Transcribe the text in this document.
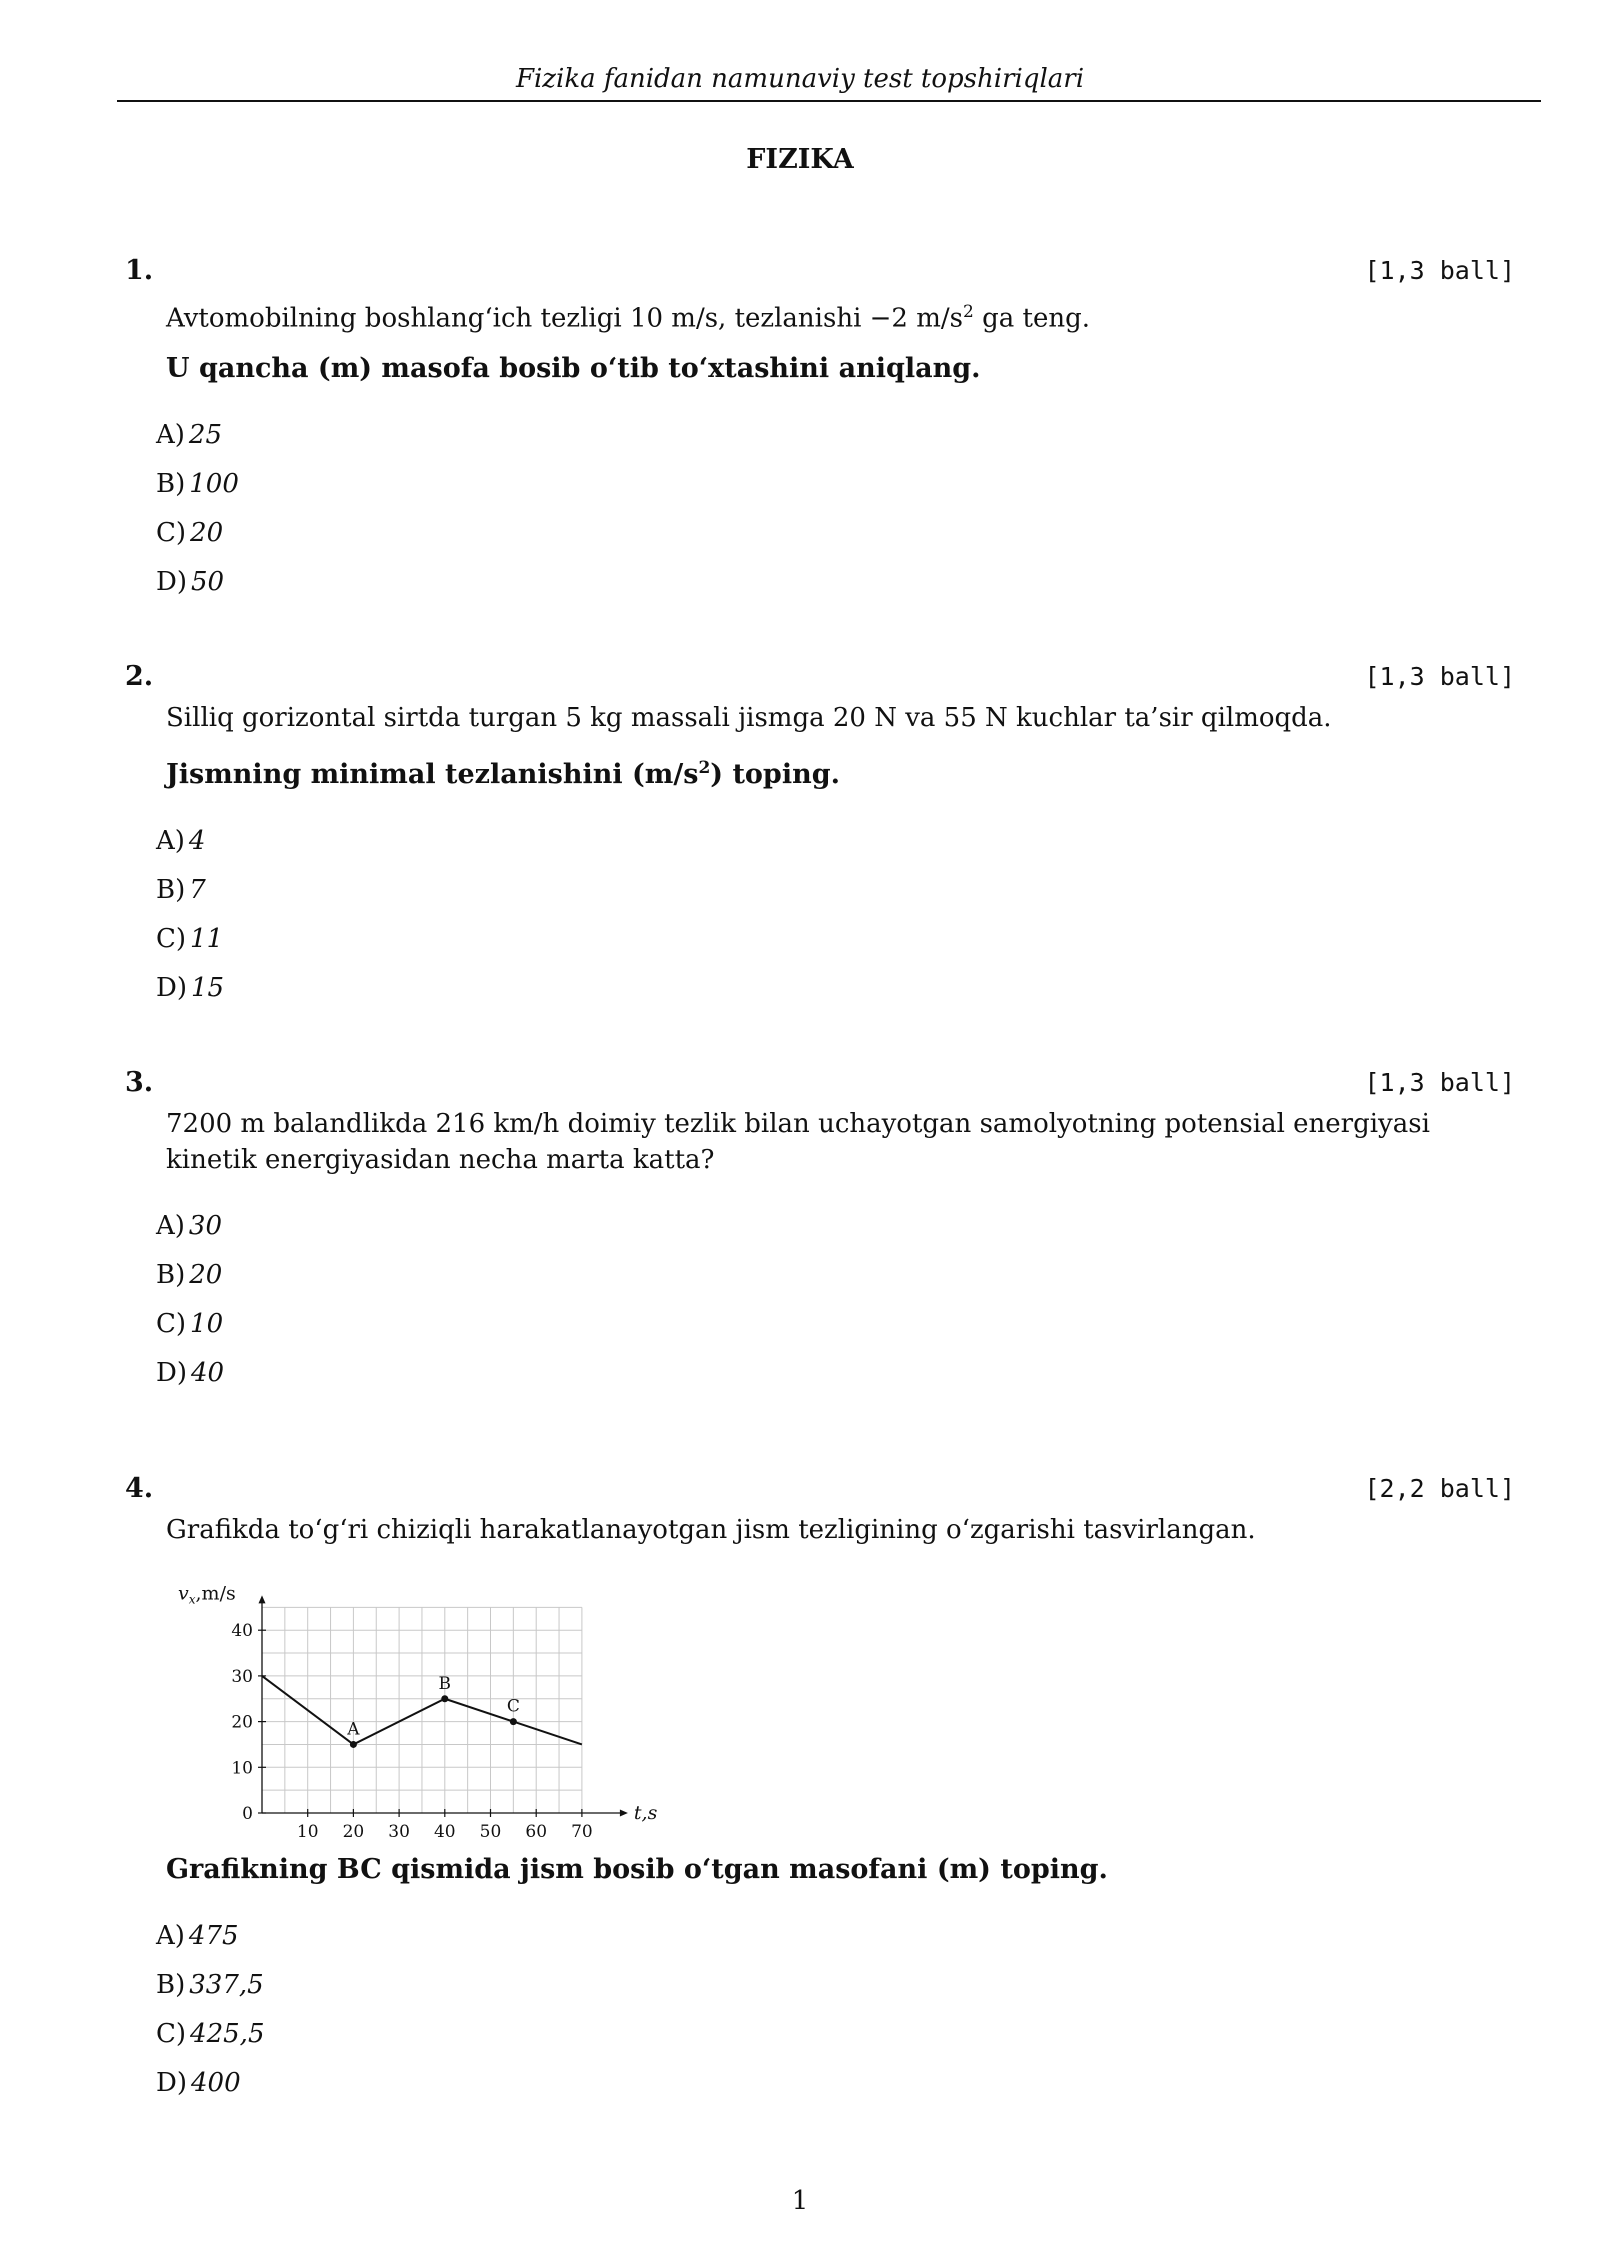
Fizika fanidan namunaviy test topshiriqlari
FIZIKA
1.	[1,3 ball]
Avtomobilning boshlang‘ich tezligi 10 m/s, tezlanishi −2 $m/s^2$ ga teng.
U qancha (m) masofa bosib o‘tib to‘xtashini aniqlang.
A) 25
B) 100
C) 20
D) 50
2.	[1,3 ball]
Silliq gorizontal sirtda turgan 5 kg massali jismga 20 N va 55 N kuchlar ta’sir qilmoqda.
Jismning minimal tezlanishini $(m/s^2)$ toping.
A) 4
B) 7
C) 11
D) 15
3.	[1,3 ball]
7200 m balandlikda 216 km/h doimiy tezlik bilan uchayotgan samolyotning potensial energiyasi kinetik energiyasidan necha marta katta?
A) 30
B) 20
C) 10
D) 40
4.	[2,2 ball]
Grafikda to‘g‘ri chiziqli harakatlanayotgan jism tezligining o‘zgarishi tasvirlangan.
10 20 30 40 50 60 70
0
10
20
30
40
$v_x,m/s$
t,s
A
B
C
Grafikning BC qismida jism bosib o‘tgan masofani (m) toping.
A) 475
B) 337,5
C) 425,5
D) 400
1
